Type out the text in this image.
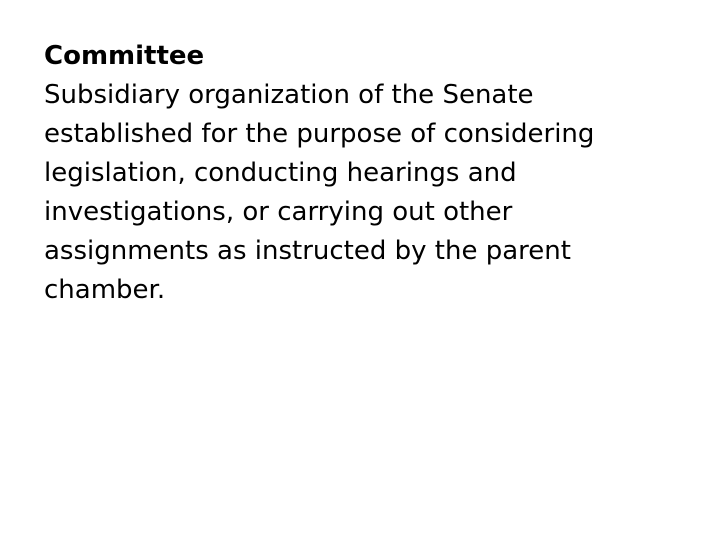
Committee
Subsidiary organization of the Senate
established for the purpose of considering
legislation, conducting hearings and
investigations, or carrying out other
assignments as instructed by the parent
chamber.
